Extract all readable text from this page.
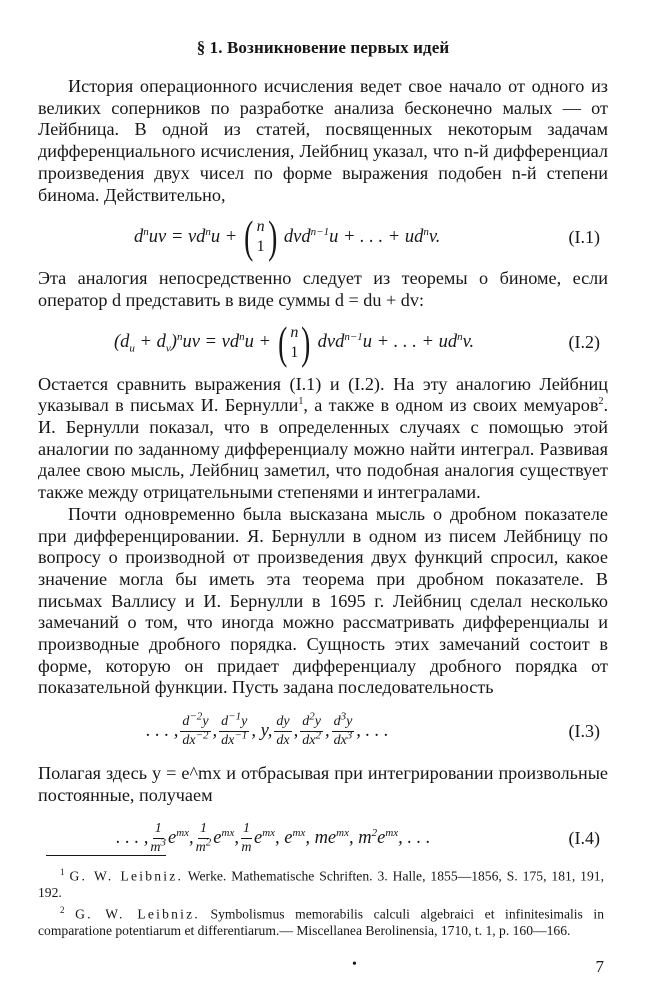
§ 1. Возникновение первых идей

История операционного исчисления ведет свое начало от одного из великих соперников по разработке анализа бесконечно малых — от Лейбница. В одной из статей, посвященных некоторым задачам дифференциального исчисления, Лейбниц указал, что n-й дифференциал произведения двух чисел по форме выражения подобен n-й степени бинома. Действительно,

$d^nuv = vd^nu$ + ( n
1 ) dvd$^{n-1}$u + . . . + $ud^nv$.	(I.1)

Эта аналогия непосредственно следует из теоремы о биноме, если оператор d представить в виде суммы d = du + dv:

$(d_u + d_v)^nuv = vd^nu$ + ( n
1 ) dvd$^{n-1}$u + . . . + $ud^nv$.	(I.2)

Остается сравнить выражения (I.1) и (I.2). На эту аналогию Лейбниц указывал в письмах И. Бернулли$^1$, а также в одном из своих мемуаров$^2$. И. Бернулли показал, что в определенных случаях с помощью этой аналогии по заданному дифференциалу можно найти интеграл. Развивая далее свою мысль, Лейбниц заметил, что подобная аналогия существует также между отрицательными степенями и интегралами.

Почти одновременно была высказана мысль о дробном показателе при дифференцировании. Я. Бернулли в одном из писем Лейбницу по вопросу о производной от произведения двух функций спросил, какое значение могла бы иметь эта теорема при дробном показателе. В письмах Валлису и И. Бернулли в 1695 г. Лейбниц сделал несколько замечаний о том, что иногда можно рассматривать дифференциалы и производные дробного порядка. Сущность этих замечаний состоит в форме, которую он придает дифференциалу дробного порядка от показательной функции. Пусть задана последовательность

. . . , $\frac{d^{-2}y}{dx^{-2}}$ , $\frac{d^{-1}y}{dx^{-1}}$ , y, $\frac{dy}{dx}$ , $\frac{d^2y}{dx^2}$ , $\frac{d^3y}{dx^3}$ , . . .	(I.3)

Полагая здесь y = e^mx и отбрасывая при интегрировании произвольные постоянные, получаем

. . . , $\frac{1}{m^3} e^{mx}$, $\frac{1}{m^2} e^{mx}$, $\frac{1}{m} e^{mx}$, $e^{mx}$, $me^{mx}$, $m^2e^{mx}$, . . .	(I.4)

$^1$ G. W. Leibniz. Werke. Mathematische Schriften. 3. Halle, 1855—1856, S. 175, 181, 191, 192.

$^2$ G. W. Leibniz. Symbolismus memorabilis calculi algebraici et infinitesimalis in comparatione potentiarum et differentiarum.— Miscellanea Berolinensia, 1710, t. 1, p. 160—166.

•	7
